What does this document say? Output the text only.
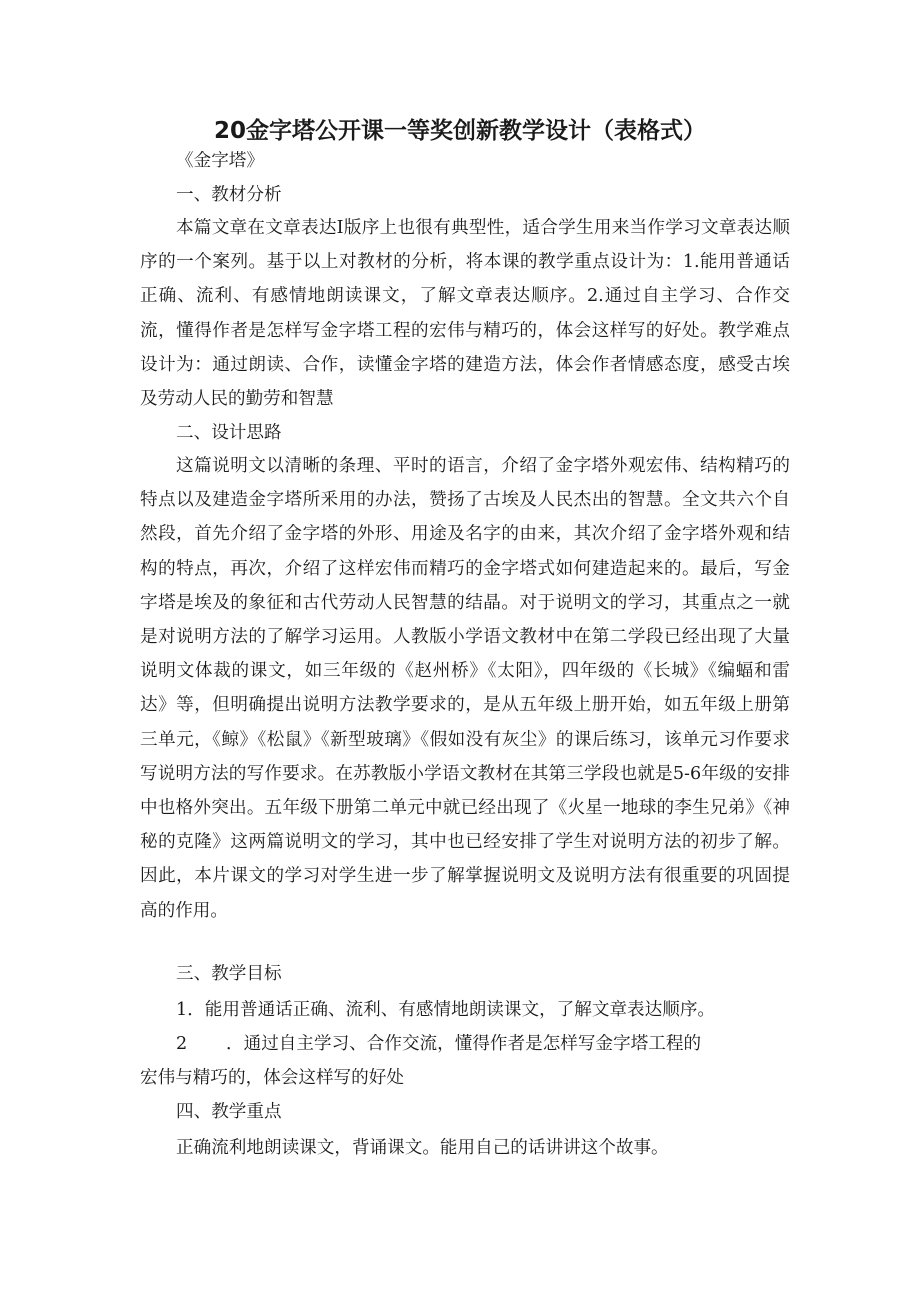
20金字塔公开课一等奖创新教学设计（表格式）

《金字塔》

一、教材分析

本篇文章在文章表达I版序上也很有典型性，适合学生用来当作学习文章表达顺序的一个案列。基于以上对教材的分析，将本课的教学重点设计为：1.能用普通话正确、流利、有感情地朗读课文，了解文章表达顺序。2.通过自主学习、合作交流，懂得作者是怎样写金字塔工程的宏伟与精巧的，体会这样写的好处。教学难点设计为：通过朗读、合作，读懂金字塔的建造方法，体会作者情感态度，感受古埃及劳动人民的勤劳和智慧

二、设计思路

这篇说明文以清晰的条理、平时的语言，介绍了金字塔外观宏伟、结构精巧的特点以及建造金字塔所釆用的办法，赞扬了古埃及人民杰出的智慧。全文共六个自然段，首先介绍了金字塔的外形、用途及名字的由来，其次介绍了金字塔外观和结构的特点，再次，介绍了这样宏伟而精巧的金字塔式如何建造起来的。最后，写金字塔是埃及的象征和古代劳动人民智慧的结晶。对于说明文的学习，其重点之一就是对说明方法的了解学习运用。人教版小学语文教材中在第二学段已经出现了大量说明文体裁的课文，如三年级的《赵州桥》《太阳》，四年级的《长城》《编蝠和雷达》等，但明确提出说明方法教学要求的，是从五年级上册开始，如五年级上册第三单元，《鲸》《松鼠》《新型玻璃》《假如没有灰尘》的课后练习，该单元习作要求写说明方法的写作要求。在苏教版小学语文教材在其第三学段也就是5-6年级的安排中也格外突出。五年级下册第二单元中就已经出现了《火星一地球的李生兄弟》《神秘的克隆》这两篇说明文的学习，其中也已经安排了学生对说明方法的初步了解。因此，本片课文的学习对学生进一步了解掌握说明文及说明方法有很重要的巩固提高的作用。

三、教学目标

1．能用普通话正确、流利、有感情地朗读课文，了解文章表达顺序。

2 ．通过自主学习、合作交流，懂得作者是怎样写金字塔工程的

宏伟与精巧的，体会这样写的好处

四、教学重点

正确流利地朗读课文，背诵课文。能用自己的话讲讲这个故事。
